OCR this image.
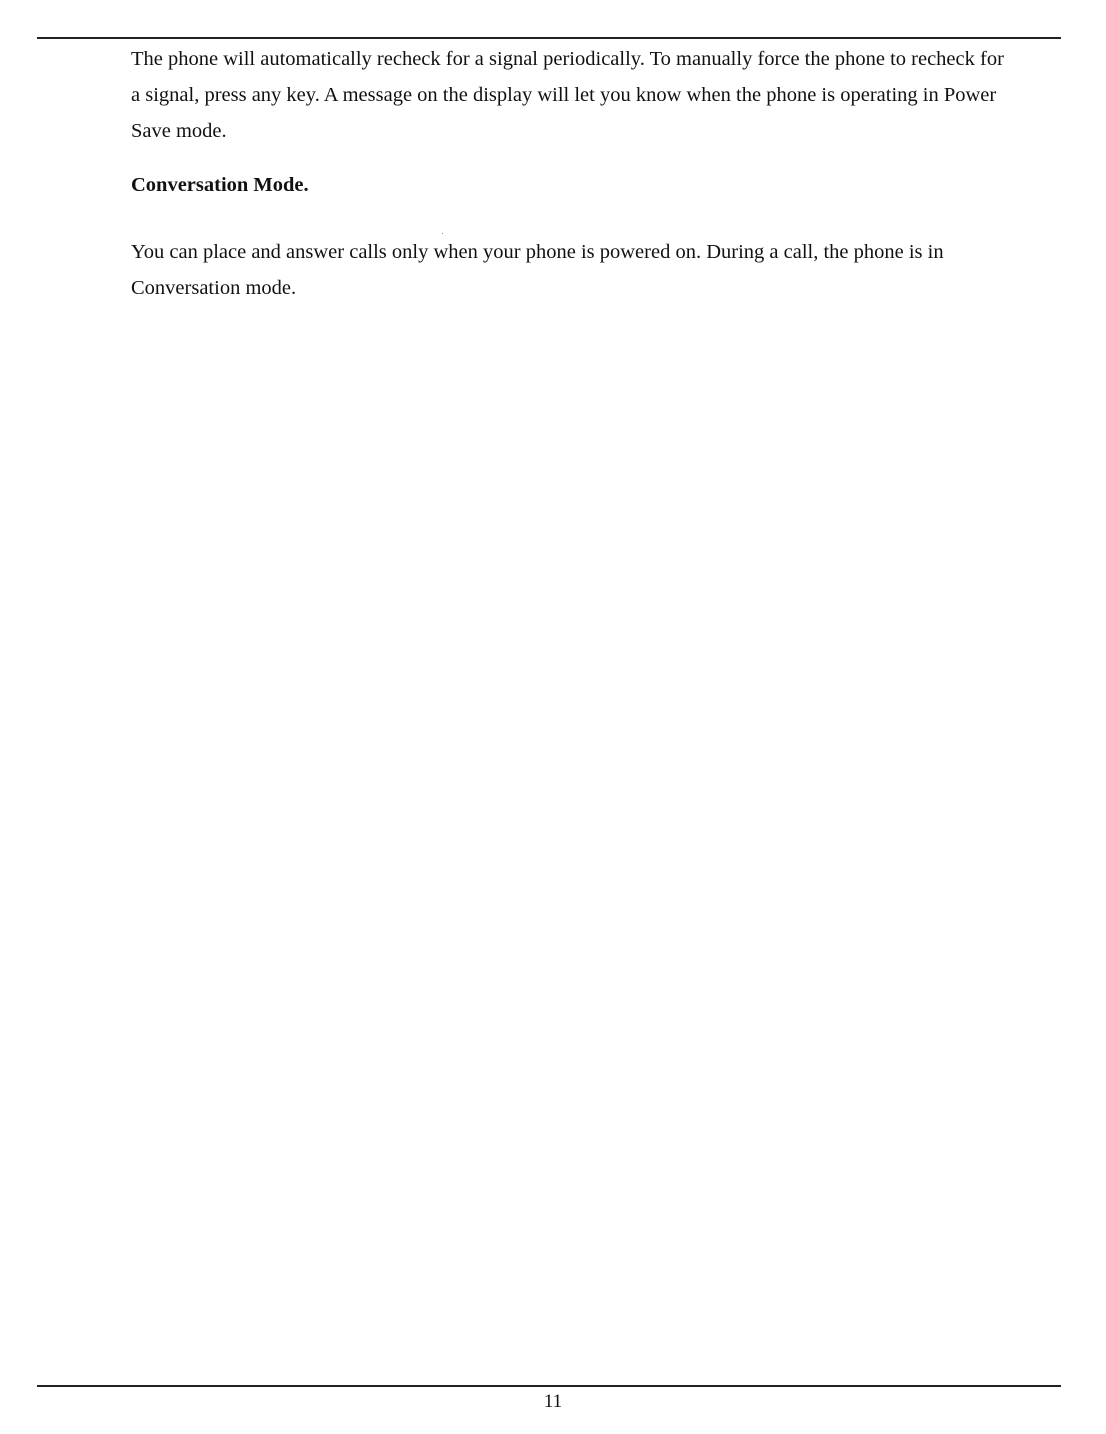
The phone will automatically recheck for a signal periodically. To manually force the phone to recheck for a signal, press any key. A message on the display will let you know when the phone is operating in Power Save mode.

Conversation Mode.

You can place and answer calls only when your phone is powered on. During a call, the phone is in Conversation mode.

11
